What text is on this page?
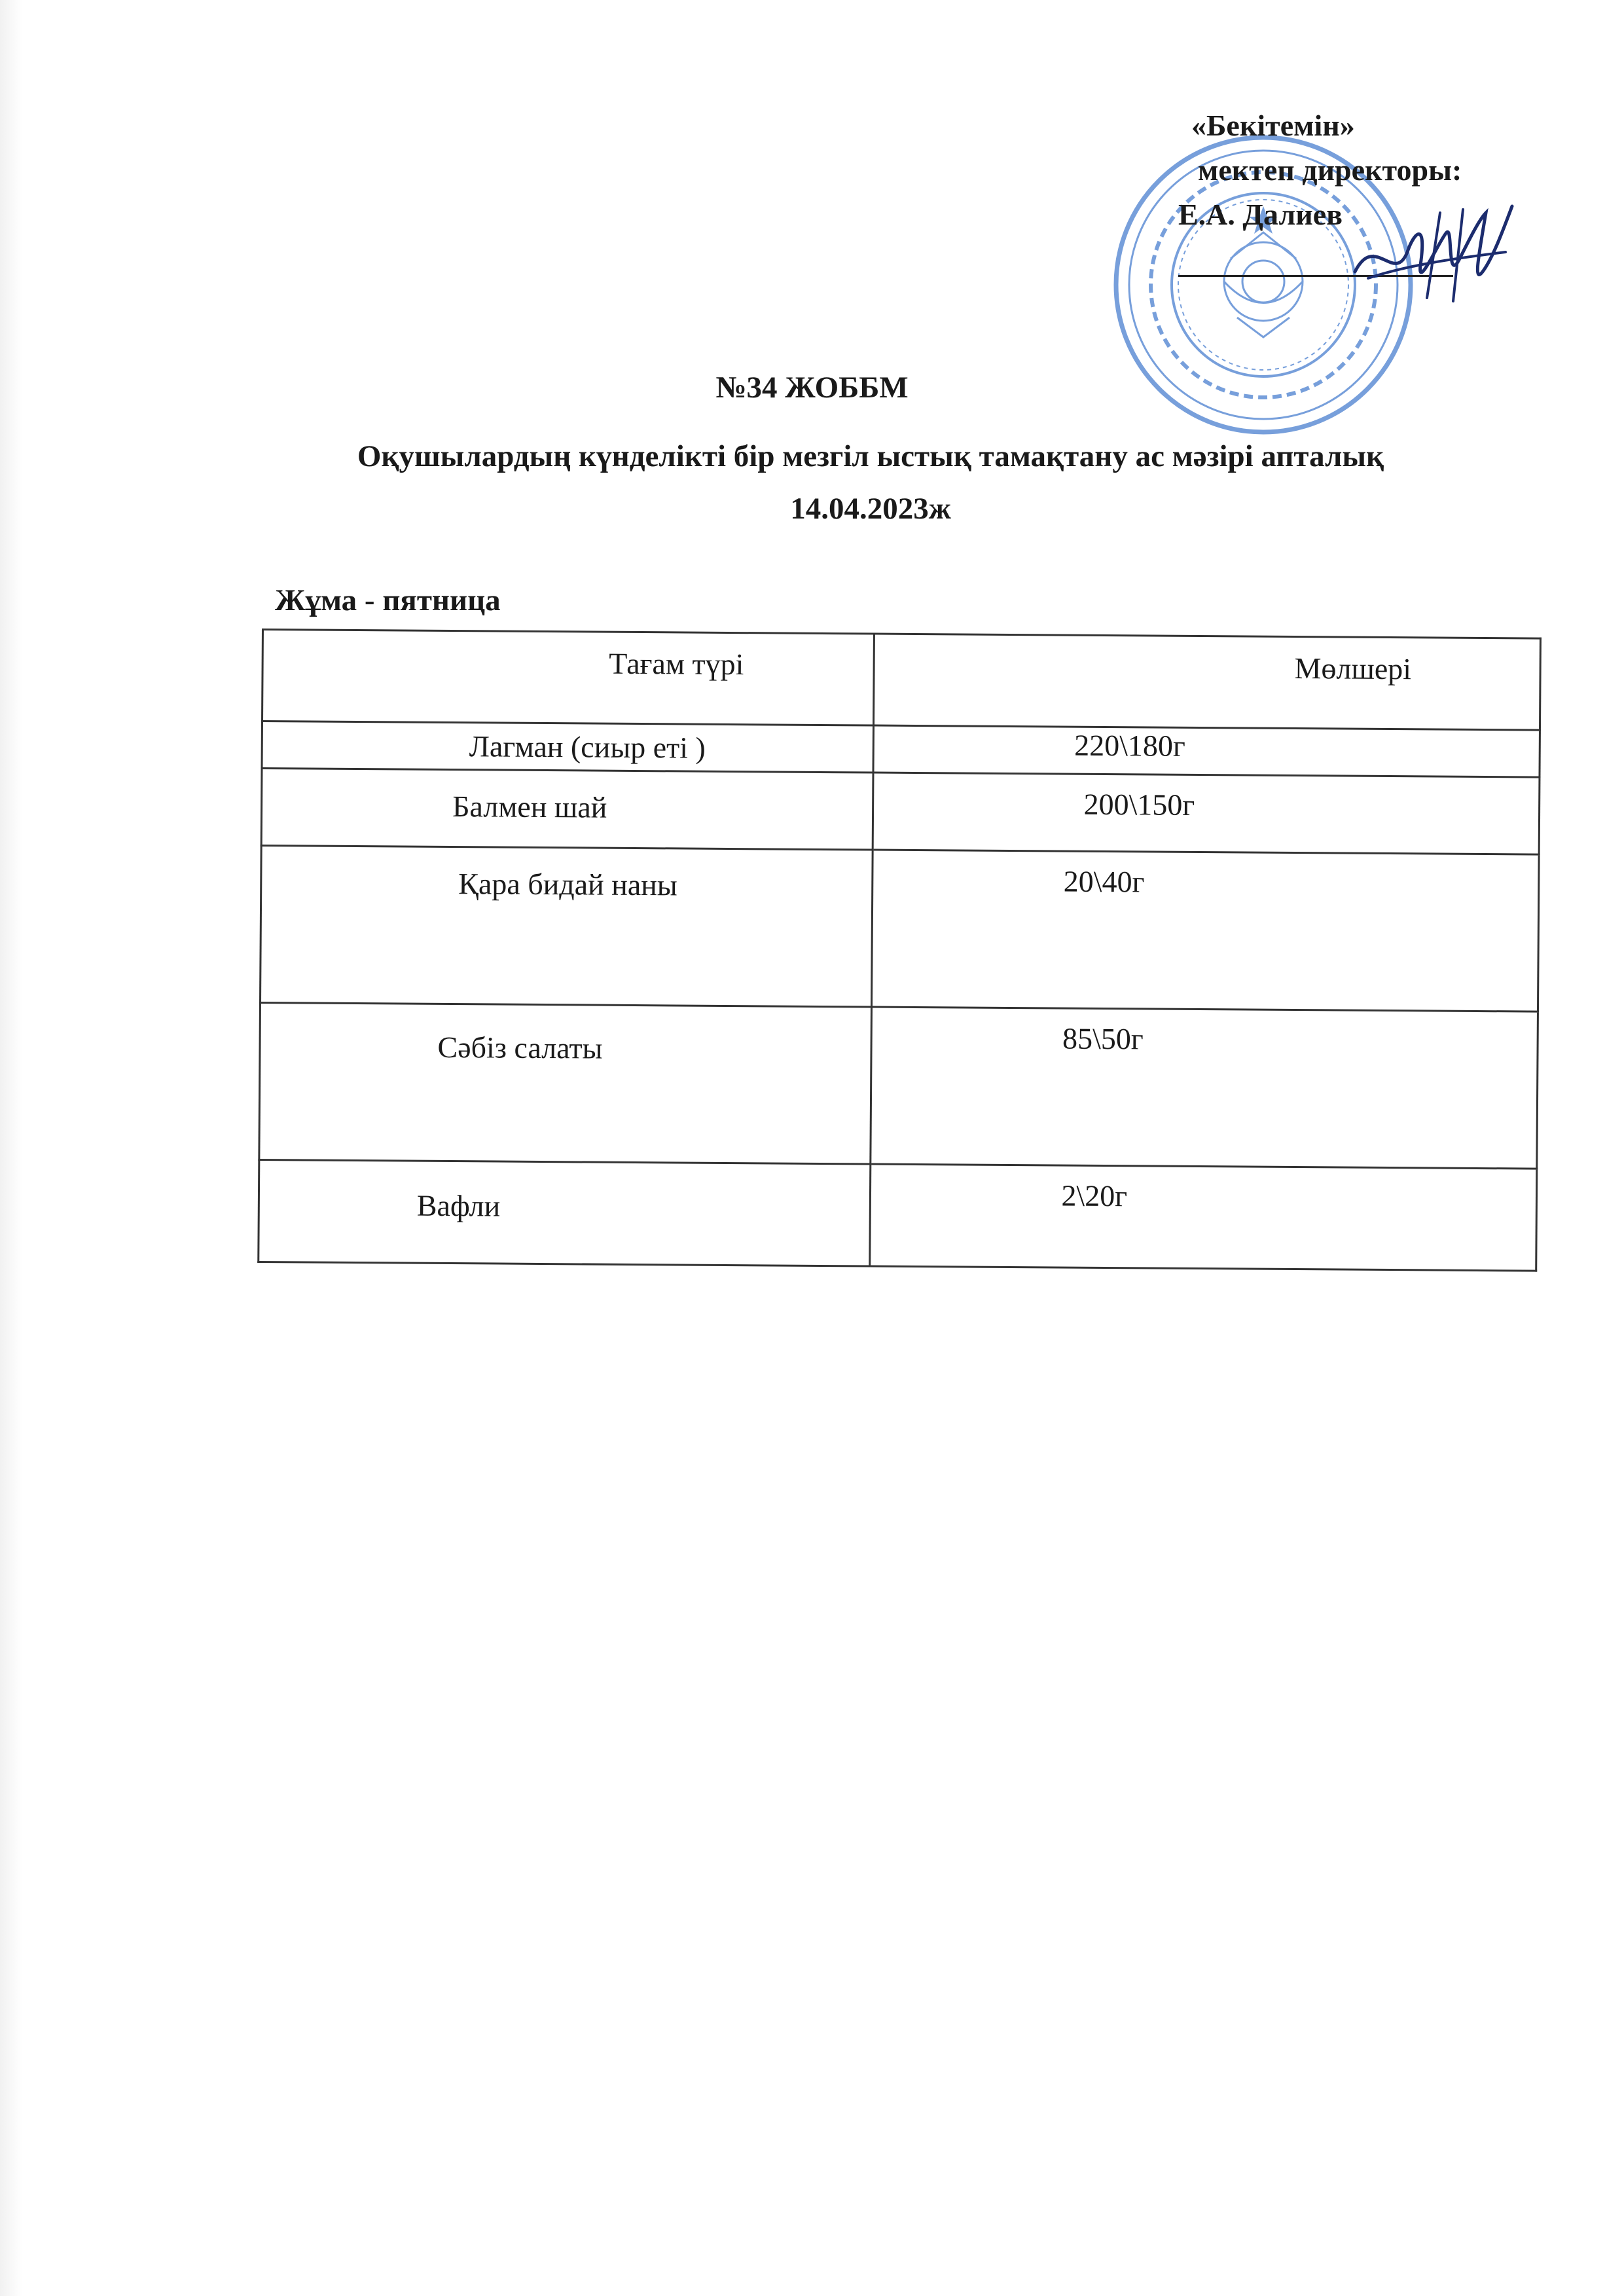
«Бекітемін»
мектеп директоры:
Е.А. Далиев
№34 ЖОББМ
Оқушылардың күнделікті бір мезгіл ыстық тамақтану ас мәзірі апталық
14.04.2023ж
Жұма - пятница
Тағам түрі	Мөлшері

Лагман (сиыр еті )	220\180г

Балмен шай	200\150г

Қара бидай наны	20\40г

Сәбіз салаты	85\50г

Вафли	2\20г
